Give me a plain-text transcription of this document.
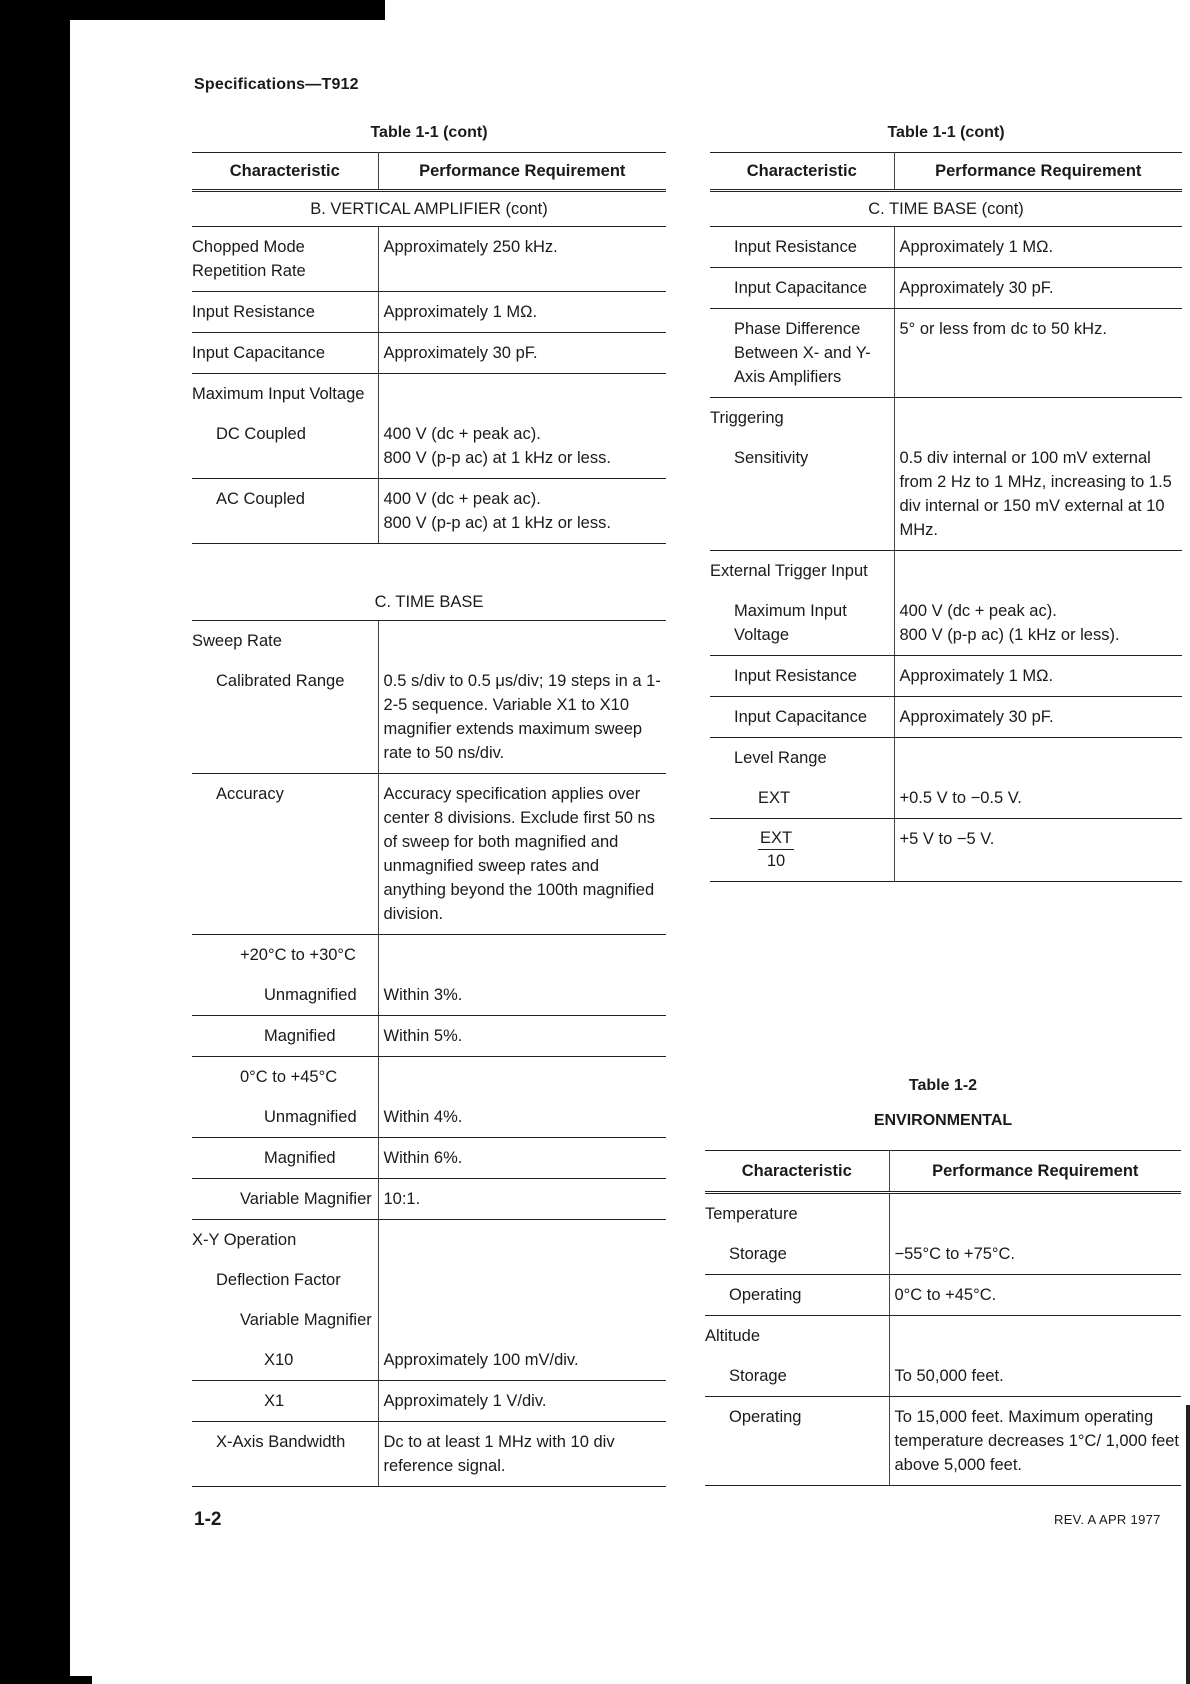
Specifications—T912
Table 1-1 (cont)
Characteristic	Performance Requirement
B. VERTICAL AMPLIFIER (cont)	
Chopped Mode Repetition Rate	Approximately 250 kHz.
Input Resistance	Approximately 1 MΩ.
Input Capacitance	Approximately 30 pF.
Maximum Input Voltage	
DC Coupled	400 V (dc + peak ac).
800 V (p-p ac) at 1 kHz or less.
AC Coupled	400 V (dc + peak ac).
800 V (p-p ac) at 1 kHz or less.
C. TIME BASE	
Sweep Rate	
Calibrated Range	0.5 s/div to 0.5 μs/div; 19 steps in a 1-2-5 sequence. Variable X1 to X10 magnifier extends maximum sweep rate to 50 ns/div.
Accuracy	Accuracy specification applies over center 8 divisions. Exclude first 50 ns of sweep for both magnified and unmagnified sweep rates and anything beyond the 100th magnified division.
+20°C to +30°C	
Unmagnified	Within 3%.
Magnified	Within 5%.
0°C to +45°C	
Unmagnified	Within 4%.
Magnified	Within 6%.
Variable Magnifier	10:1.
X-Y Operation	
Deflection Factor	
Variable Magnifier	
X10	Approximately 100 mV/div.
X1	Approximately 1 V/div.
X-Axis Bandwidth	Dc to at least 1 MHz with 10 div reference signal.
Table 1-1 (cont)
Characteristic	Performance Requirement
C. TIME BASE (cont)	
Input Resistance	Approximately 1 MΩ.
Input Capacitance	Approximately 30 pF.
Phase Difference Between X- and Y-Axis Amplifiers	5° or less from dc to 50 kHz.
Triggering	
Sensitivity	0.5 div internal or 100 mV external from 2 Hz to 1 MHz, increasing to 1.5 div internal or 150 mV external at 10 MHz.
External Trigger Input	
Maximum Input Voltage	400 V (dc + peak ac).
800 V (p-p ac) (1 kHz or less).
Input Resistance	Approximately 1 MΩ.
Input Capacitance	Approximately 30 pF.
Level Range	
EXT	+0.5 V to −0.5 V.

$\frac{\text{EXT}}{10}$	+5 V to −5 V.
Table 1-2
ENVIRONMENTAL
Characteristic	Performance Requirement
Temperature	
Storage	−55°C to +75°C.
Operating	0°C to +45°C.
Altitude	
Storage	To 50,000 feet.
Operating	To 15,000 feet. Maximum operating temperature decreases 1°C/ 1,000 feet above 5,000 feet.
1-2	REV. A APR 1977
